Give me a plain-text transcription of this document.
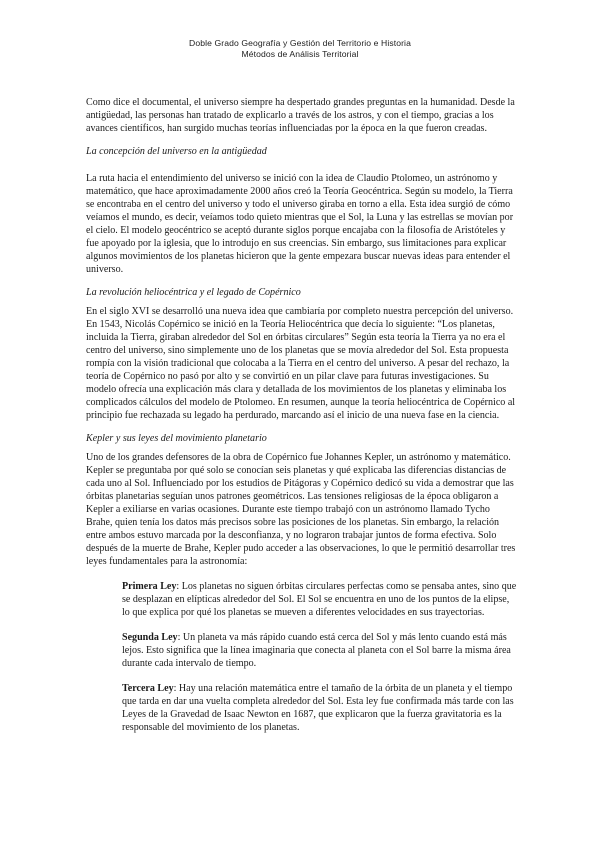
Doble Grado Geografía y Gestión del Territorio e Historia
Métodos de Análisis Territorial

Como dice el documental, el universo siempre ha despertado grandes preguntas en la humanidad. Desde la antigüedad, las personas han tratado de explicarlo a través de los astros, y con el tiempo, gracias a los avances científicos, han surgido muchas teorías influenciadas por la época en la que fueron creadas.

La concepción del universo en la antigüedad

La ruta hacia el entendimiento del universo se inició con la idea de Claudio Ptolomeo, un astrónomo y matemático, que hace aproximadamente 2000 años creó la Teoría Geocéntrica. Según su modelo, la Tierra se encontraba en el centro del universo y todo el universo giraba en torno a ella. Esta idea surgió de cómo veíamos el mundo, es decir, veíamos todo quieto mientras que el Sol, la Luna y las estrellas se movían por el cielo. El modelo geocéntrico se aceptó durante siglos porque encajaba con la filosofía de Aristóteles y fue apoyado por la iglesia, que lo introdujo en sus creencias. Sin embargo, sus limitaciones para explicar algunos movimientos de los planetas hicieron que la gente empezara buscar nuevas ideas para entender el universo.

La revolución heliocéntrica y el legado de Copérnico

En el siglo XVI se desarrolló una nueva idea que cambiaría por completo nuestra percepción del universo. En 1543, Nicolás Copérnico se inició en la Teoría Heliocéntrica que decía lo siguiente: “Los planetas, incluida la Tierra, giraban alrededor del Sol en órbitas circulares” Según esta teoría la Tierra ya no era el centro del universo, sino simplemente uno de los planetas que se movía alrededor del Sol. Esta propuesta rompía con la visión tradicional que colocaba a la Tierra en el centro del universo. A pesar del rechazo, la teoría de Copérnico no pasó por alto y se convirtió en un pilar clave para futuras investigaciones. Su modelo ofrecía una explicación más clara y detallada de los movimientos de los planetas y eliminaba los complicados cálculos del modelo de Ptolomeo. En resumen, aunque la teoría heliocéntrica de Copérnico al principio fue rechazada su legado ha perdurado, marcando así el inicio de una nueva fase en la ciencia.

Kepler y sus leyes del movimiento planetario

Uno de los grandes defensores de la obra de Copérnico fue Johannes Kepler, un astrónomo y matemático. Kepler se preguntaba por qué solo se conocían seis planetas y qué explicaba las diferencias distancias de cada uno al Sol. Influenciado por los estudios de Pitágoras y Copérnico dedicó su vida a demostrar que las órbitas planetarias seguían unos patrones geométricos. Las tensiones religiosas de la época obligaron a Kepler a exiliarse en varias ocasiones. Durante este tiempo trabajó con un astrónomo llamado Tycho Brahe, quien tenía los datos más precisos sobre las posiciones de los planetas. Sin embargo, la relación entre ambos estuvo marcada por la desconfianza, y no lograron trabajar juntos de forma efectiva. Solo después de la muerte de Brahe, Kepler pudo acceder a las observaciones, lo que le permitió desarrollar tres leyes fundamentales para la astronomía:

Primera Ley: Los planetas no siguen órbitas circulares perfectas como se pensaba antes, sino que se desplazan en elípticas alrededor del Sol. El Sol se encuentra en uno de los puntos de la elipse, lo que explica por qué los planetas se mueven a diferentes velocidades en sus trayectorias.

Segunda Ley: Un planeta va más rápido cuando está cerca del Sol y más lento cuando está más lejos. Esto significa que la línea imaginaria que conecta al planeta con el Sol barre la misma área durante cada intervalo de tiempo.

Tercera Ley: Hay una relación matemática entre el tamaño de la órbita de un planeta y el tiempo que tarda en dar una vuelta completa alrededor del Sol. Esta ley fue confirmada más tarde con las Leyes de la Gravedad de Isaac Newton en 1687, que explicaron que la fuerza gravitatoria es la responsable del movimiento de los planetas.
